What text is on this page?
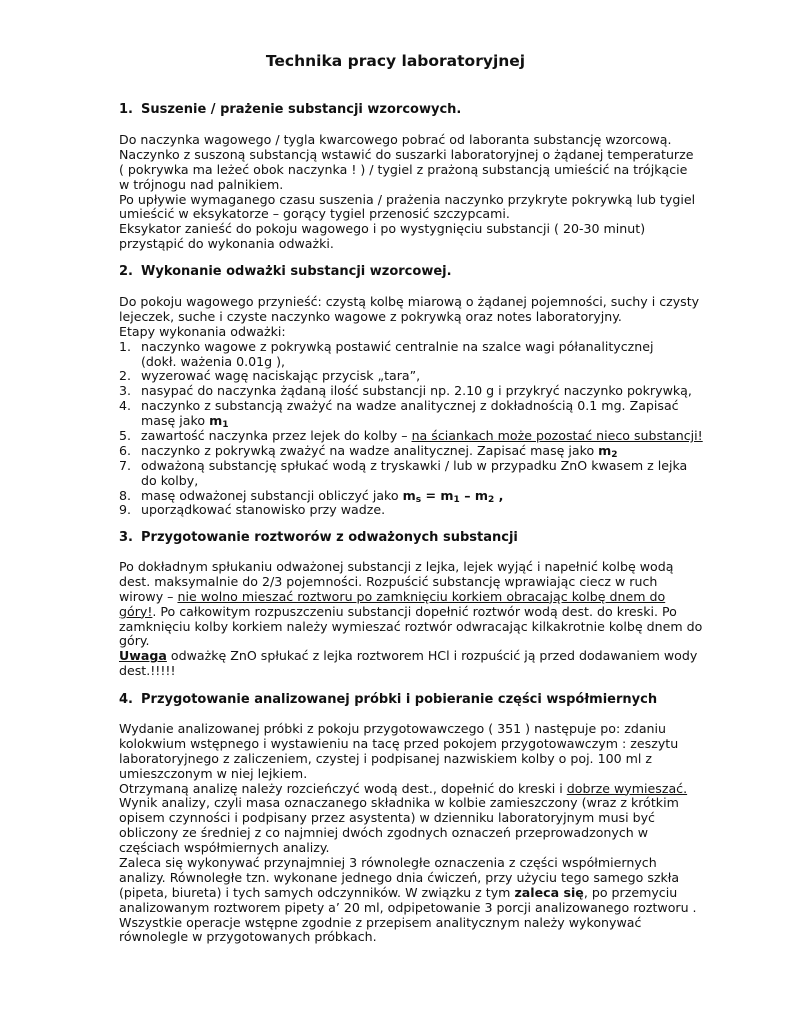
Technika pracy laboratoryjnej
1. Suszenie / prażenie substancji wzorcowych.
Do naczynka wagowego / tygla kwarcowego pobrać od laboranta substancję wzorcową.
Naczynko z suszoną substancją wstawić do suszarki laboratoryjnej o żądanej temperaturze
( pokrywka ma leżeć obok naczynka ! ) / tygiel z prażoną substancją umieścić na trójkącie
w trójnogu nad palnikiem.
Po upływie wymaganego czasu suszenia / prażenia naczynko przykryte pokrywką lub tygiel
umieścić w eksykatorze – gorący tygiel przenosić szczypcami.
Eksykator zanieść do pokoju wagowego i po wystygnięciu substancji ( 20-30 minut)
przystąpić do wykonania odważki.
2. Wykonanie odważki substancji wzorcowej.
Do pokoju wagowego przynieść: czystą kolbę miarową o żądanej pojemności, suchy i czysty
lejeczek, suche i czyste naczynko wagowe z pokrywką oraz notes laboratoryjny.
Etapy wykonania odważki:
1. naczynko wagowe z pokrywką postawić centralnie na szalce wagi półanalitycznej
(dokł. ważenia 0.01g ),
2. wyzerować wagę naciskając przycisk „tara”,
3. nasypać do naczynka żądaną ilość substancji np. 2.10 g i przykryć naczynko pokrywką,
4. naczynko z substancją zważyć na wadze analitycznej z dokładnością 0.1 mg. Zapisać
masę jako $m_1$
5. zawartość naczynka przez lejek do kolby – na ściankach może pozostać nieco substancji!
6. naczynko z pokrywką zważyć na wadze analitycznej. Zapisać masę jako $m_2$
7. odważoną substancję spłukać wodą z tryskawki / lub w przypadku ZnO kwasem z lejka
do kolby,
8. masę odważonej substancji obliczyć jako $m_s = m_1 - m_2$ ,
9. uporządkować stanowisko przy wadze.
3. Przygotowanie roztworów z odważonych substancji
Po dokładnym spłukaniu odważonej substancji z lejka, lejek wyjąć i napełnić kolbę wodą
dest. maksymalnie do 2/3 pojemności. Rozpuścić substancję wprawiając ciecz w ruch
wirowy – nie wolno mieszać roztworu po zamknięciu korkiem obracając kolbę dnem do
góry!. Po całkowitym rozpuszczeniu substancji dopełnić roztwór wodą dest. do kreski. Po
zamknięciu kolby korkiem należy wymieszać roztwór odwracając kilkakrotnie kolbę dnem do
góry.
Uwaga odważkę ZnO spłukać z lejka roztworem HCl i rozpuścić ją przed dodawaniem wody
dest.!!!!!
4. Przygotowanie analizowanej próbki i pobieranie części współmiernych
Wydanie analizowanej próbki z pokoju przygotowawczego ( 351 ) następuje po: zdaniu
kolokwium wstępnego i wystawieniu na tacę przed pokojem przygotowawczym : zeszytu
laboratoryjnego z zaliczeniem, czystej i podpisanej nazwiskiem kolby o poj. 100 ml z
umieszczonym w niej lejkiem.
Otrzymaną analizę należy rozcieńczyć wodą dest., dopełnić do kreski i dobrze wymieszać.
Wynik analizy, czyli masa oznaczanego składnika w kolbie zamieszczony (wraz z krótkim
opisem czynności i podpisany przez asystenta) w dzienniku laboratoryjnym musi być
obliczony ze średniej z co najmniej dwóch zgodnych oznaczeń przeprowadzonych w
częściach współmiernych analizy.
Zaleca się wykonywać przynajmniej 3 równoległe oznaczenia z części współmiernych
analizy. Równoległe tzn. wykonane jednego dnia ćwiczeń, przy użyciu tego samego szkła
(pipeta, biureta) i tych samych odczynników. W związku z tym zaleca się, po przemyciu
analizowanym roztworem pipety a’ 20 ml, odpipetowanie 3 porcji analizowanego roztworu .
Wszystkie operacje wstępne zgodnie z przepisem analitycznym należy wykonywać
równolegle w przygotowanych próbkach.
